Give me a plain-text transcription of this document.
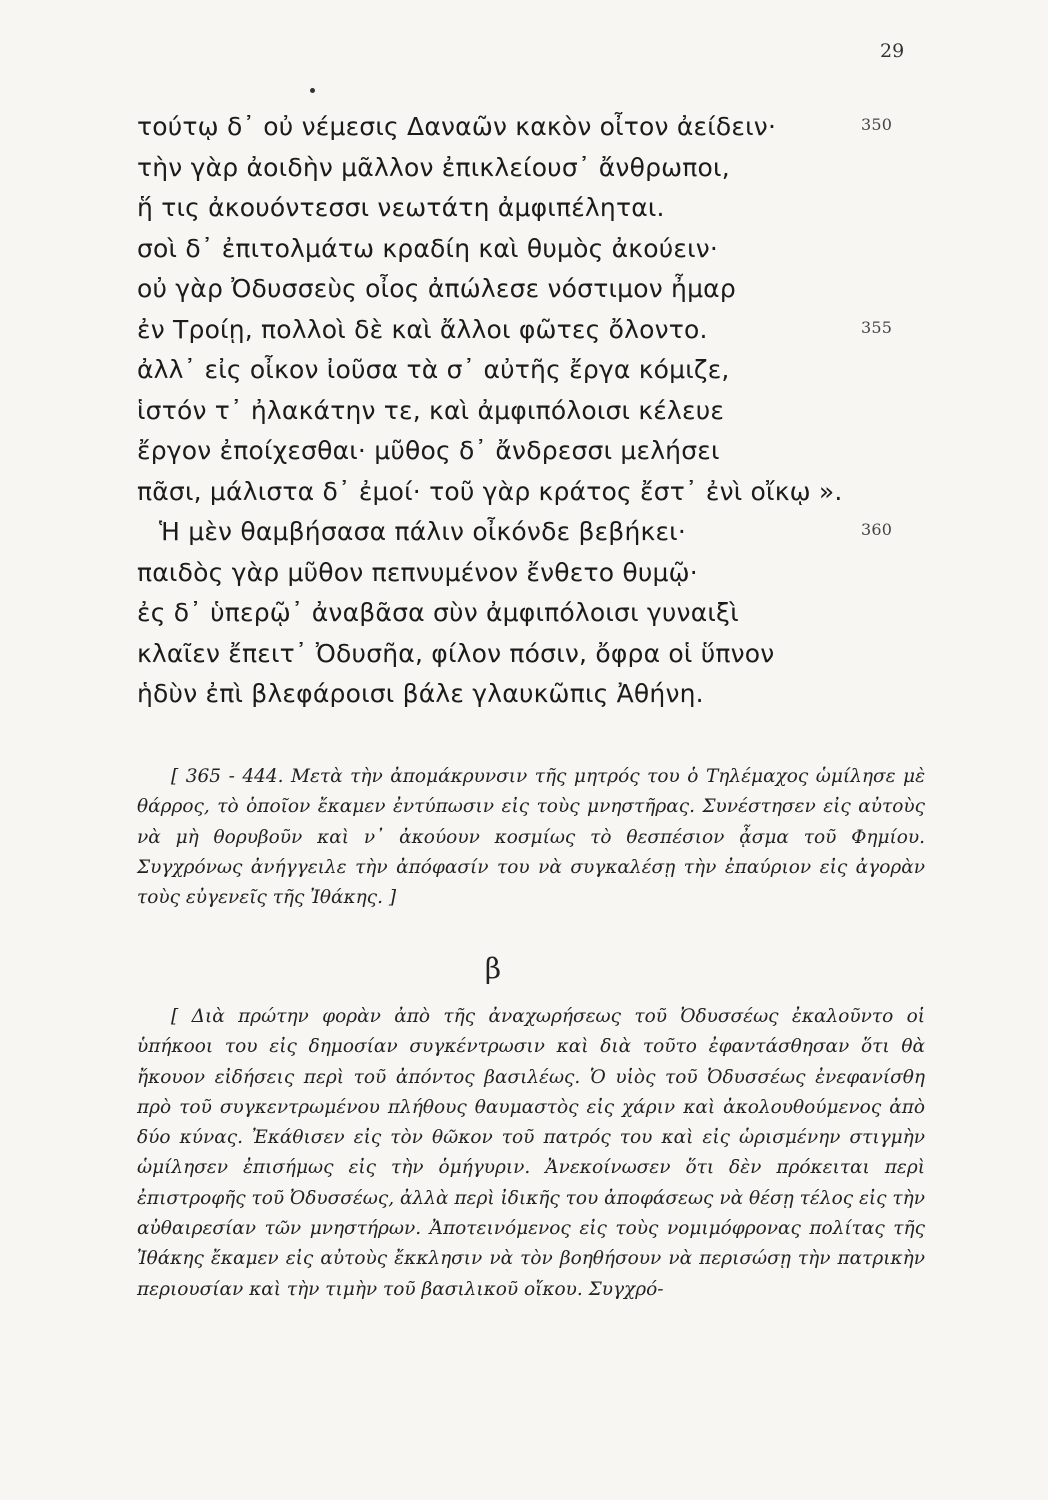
29
τούτῳ δ᾽ οὐ νέμεσις Δαναῶν κακὸν οἶτον ἀείδειν·	350
τὴν γὰρ ἀοιδὴν μᾶλλον ἐπικλείουσ᾽ ἄνθρωποι,
ἥ τις ἀκουόντεσσι νεωτάτη ἀμφιπέληται.
σοὶ δ᾽ ἐπιτολμάτω κραδίη καὶ θυμὸς ἀκούειν·
οὐ γὰρ Ὀδυσσεὺς οἶος ἀπώλεσε νόστιμον ἦμαρ
ἐν Τροίῃ, πολλοὶ δὲ καὶ ἄλλοι φῶτες ὄλοντο.	355
ἀλλ᾽ εἰς οἶκον ἰοῦσα τὰ σ᾽ αὐτῆς ἔργα κόμιζε,
ἱστόν τ᾽ ἠλακάτην τε, καὶ ἀμφιπόλοισι κέλευε
ἔργον ἐποίχεσθαι· μῦθος δ᾽ ἄνδρεσσι μελήσει
πᾶσι, μάλιστα δ᾽ ἐμοί· τοῦ γὰρ κράτος ἔστ᾽ ἐνὶ οἴκῳ ».
Ἡ μὲν θαμβήσασα πάλιν οἶκόνδε βεβήκει·	360
παιδὸς γὰρ μῦθον πεπνυμένον ἔνθετο θυμῷ·
ἐς δ᾽ ὑπερῷ᾽ ἀναβᾶσα σὺν ἀμφιπόλοισι γυναιξὶ
κλαῖεν ἔπειτ᾽ Ὀδυσῆα, φίλον πόσιν, ὄφρα οἱ ὕπνον
ἡδὺν ἐπὶ βλεφάροισι βάλε γλαυκῶπις Ἀθήνη.

[ 365 - 444. Μετὰ τὴν ἀπομάκρυνσιν τῆς μητρός του ὁ Τηλέμαχος ὡμίλησε μὲ θάρρος, τὸ ὁποῖον ἔκαμεν ἐντύπωσιν εἰς τοὺς μνηστῆρας. Συνέστησεν εἰς αὐτοὺς νὰ μὴ θορυβοῦν καὶ ν᾽ ἀκούουν κοσμίως τὸ θεσπέσιον ᾆσμα τοῦ Φημίου. Συγχρόνως ἀνήγγειλε τὴν ἀπόφασίν του νὰ συγκαλέσῃ τὴν ἐπαύριον εἰς ἀγορὰν τοὺς εὐγενεῖς τῆς Ἰθάκης. ]

β

[ Διὰ πρώτην φορὰν ἀπὸ τῆς ἀναχωρήσεως τοῦ Ὀδυσσέως ἐκαλοῦντο οἱ ὑπήκοοι του εἰς δημοσίαν συγκέντρωσιν καὶ διὰ τοῦτο ἐφαντάσθησαν ὅτι θὰ ἤκουον εἰδήσεις περὶ τοῦ ἀπόντος βασιλέως. Ὁ υἱὸς τοῦ Ὀδυσσέως ἐνεφανίσθη πρὸ τοῦ συγκεντρωμένου πλήθους θαυμαστὸς εἰς χάριν καὶ ἀκολουθούμενος ἀπὸ δύο κύνας. Ἐκάθισεν εἰς τὸν θῶκον τοῦ πατρός του καὶ εἰς ὡρισμένην στιγμὴν ὡμίλησεν ἐπισήμως εἰς τὴν ὁμήγυριν. Ἀνεκοίνωσεν ὅτι δὲν πρόκειται περὶ ἐπιστροφῆς τοῦ Ὀδυσσέως, ἀλλὰ περὶ ἰδικῆς του ἀποφάσεως νὰ θέσῃ τέλος εἰς τὴν αὐθαιρεσίαν τῶν μνηστήρων. Ἀποτεινόμενος εἰς τοὺς νομιμόφρονας πολίτας τῆς Ἰθάκης ἔκαμεν εἰς αὐτοὺς ἔκκλησιν νὰ τὸν βοηθήσουν νὰ περισώσῃ τὴν πατρικὴν περιουσίαν καὶ τὴν τιμὴν τοῦ βασιλικοῦ οἴκου. Συγχρό-
